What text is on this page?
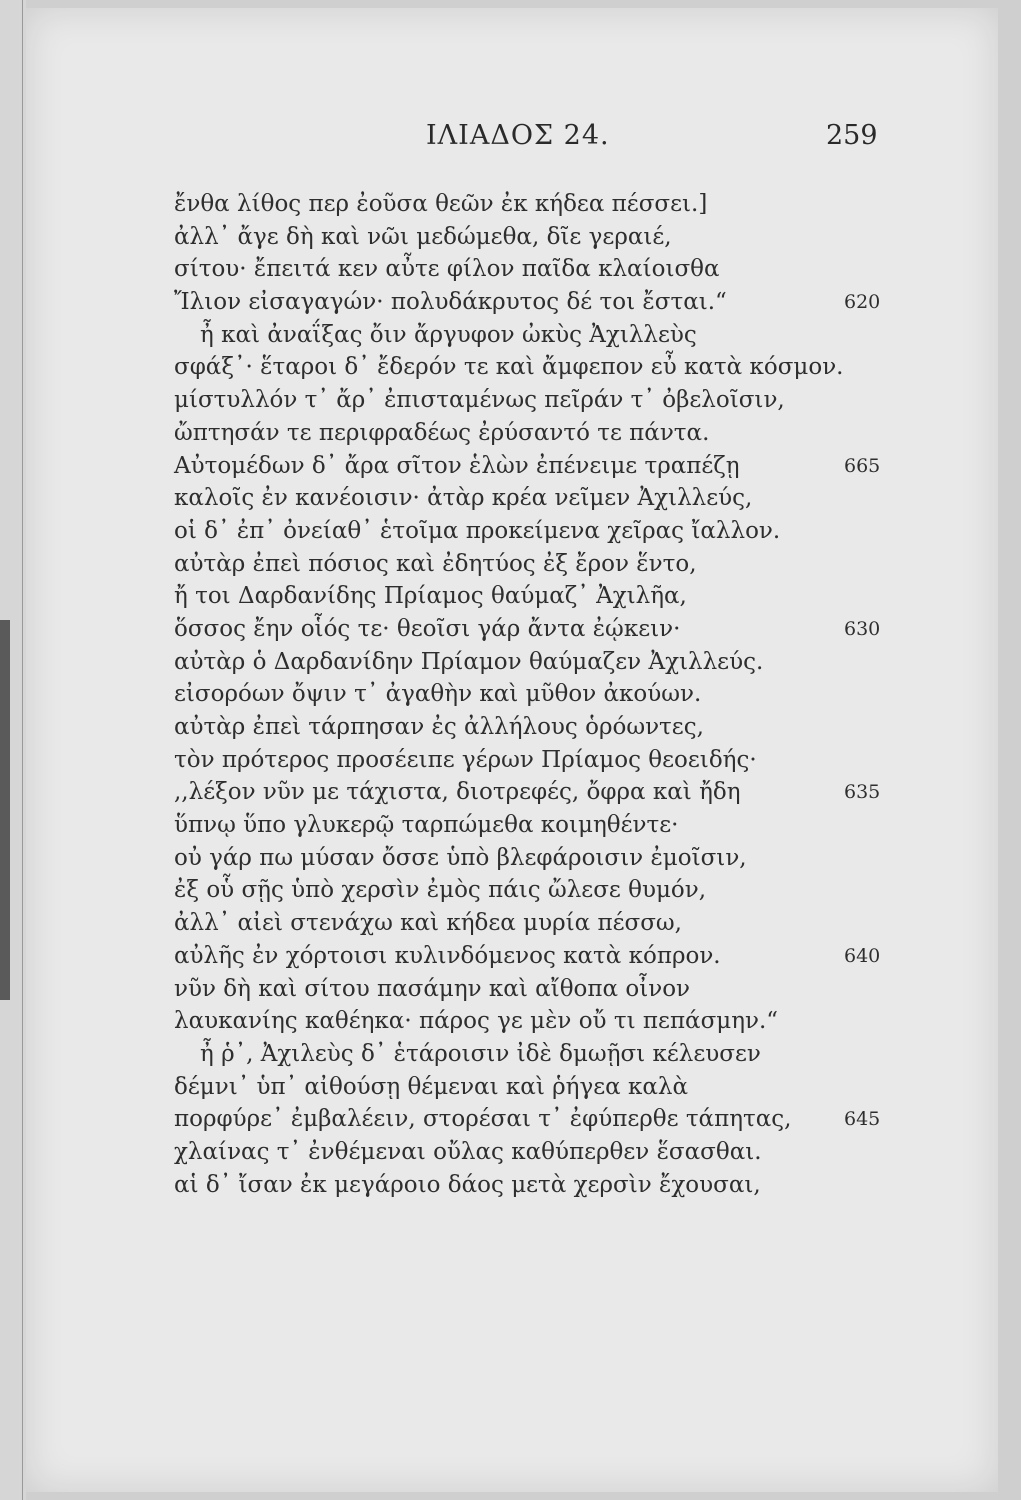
ΙΛΙΑΔΟΣ 24.	259
ἔνθα λίθος περ ἐοῦσα θεῶν ἐκ κήδεα πέσσει.]
ἀλλ᾽ ἄγε δὴ καὶ νῶι μεδώμεθα, δῖε γεραιέ,
σίτου· ἔπειτά κεν αὖτε φίλον παῖδα κλαίοισθα
Ἴλιον εἰσαγαγών· πολυδάκρυτος δέ τοι ἔσται.“	620
ἦ καὶ ἀναΐξας ὄιν ἄργυφον ὠκὺς Ἀχιλλεὺς
σφάξ᾽· ἕταροι δ᾽ ἔδερόν τε καὶ ἄμφεπον εὖ κατὰ κόσμον.
μίστυλλόν τ᾽ ἄρ᾽ ἐπισταμένως πεῖράν τ᾽ ὀβελοῖσιν,
ὤπτησάν τε περιφραδέως ἐρύσαντό τε πάντα.
Αὐτομέδων δ᾽ ἄρα σῖτον ἑλὼν ἐπένειμε τραπέζῃ	665
καλοῖς ἐν κανέοισιν· ἀτὰρ κρέα νεῖμεν Ἀχιλλεύς,
οἱ δ᾽ ἐπ᾽ ὀνείαθ᾽ ἑτοῖμα προκείμενα χεῖρας ἴαλλον.
αὐτὰρ ἐπεὶ πόσιος καὶ ἐδητύος ἐξ ἔρον ἕντο,
ἤ τοι Δαρδανίδης Πρίαμος θαύμαζ᾽ Ἀχιλῆα,
ὅσσος ἔην οἷός τε· θεοῖσι γάρ ἄντα ἐῴκειν·	630
αὐτὰρ ὁ Δαρδανίδην Πρίαμον θαύμαζεν Ἀχιλλεύς.
εἰσορόων ὄψιν τ᾽ ἀγαθὴν καὶ μῦθον ἀκούων.
αὐτὰρ ἐπεὶ τάρπησαν ἐς ἀλλήλους ὁρόωντες,
τὸν πρότερος προσέειπε γέρων Πρίαμος θεοειδής·
,,λέξον νῦν με τάχιστα, διοτρεφές, ὄφρα καὶ ἤδη	635
ὕπνῳ ὕπο γλυκερῷ ταρπώμεθα κοιμηθέντε·
οὐ γάρ πω μύσαν ὄσσε ὑπὸ βλεφάροισιν ἐμοῖσιν,
ἐξ οὗ σῇς ὑπὸ χερσὶν ἐμὸς πάις ὤλεσε θυμόν,
ἀλλ᾽ αἰεὶ στενάχω καὶ κήδεα μυρία πέσσω,
αὐλῆς ἐν χόρτοισι κυλινδόμενος κατὰ κόπρον.	640
νῦν δὴ καὶ σίτου πασάμην καὶ αἴθοπα οἶνον
λαυκανίης καθέηκα· πάρος γε μὲν οὔ τι πεπάσμην.“
ἦ ῥ᾽, Ἀχιλεὺς δ᾽ ἑτάροισιν ἰδὲ δμωῇσι κέλευσεν
δέμνι᾽ ὑπ᾽ αἰθούσῃ θέμεναι καὶ ῥήγεα καλὰ
πορφύρε᾽ ἐμβαλέειν, στορέσαι τ᾽ ἐφύπερθε τάπητας,	645
χλαίνας τ᾽ ἐνθέμεναι οὔλας καθύπερθεν ἕσασθαι.
αἱ δ᾽ ἴσαν ἐκ μεγάροιο δάος μετὰ χερσὶν ἔχουσαι,
